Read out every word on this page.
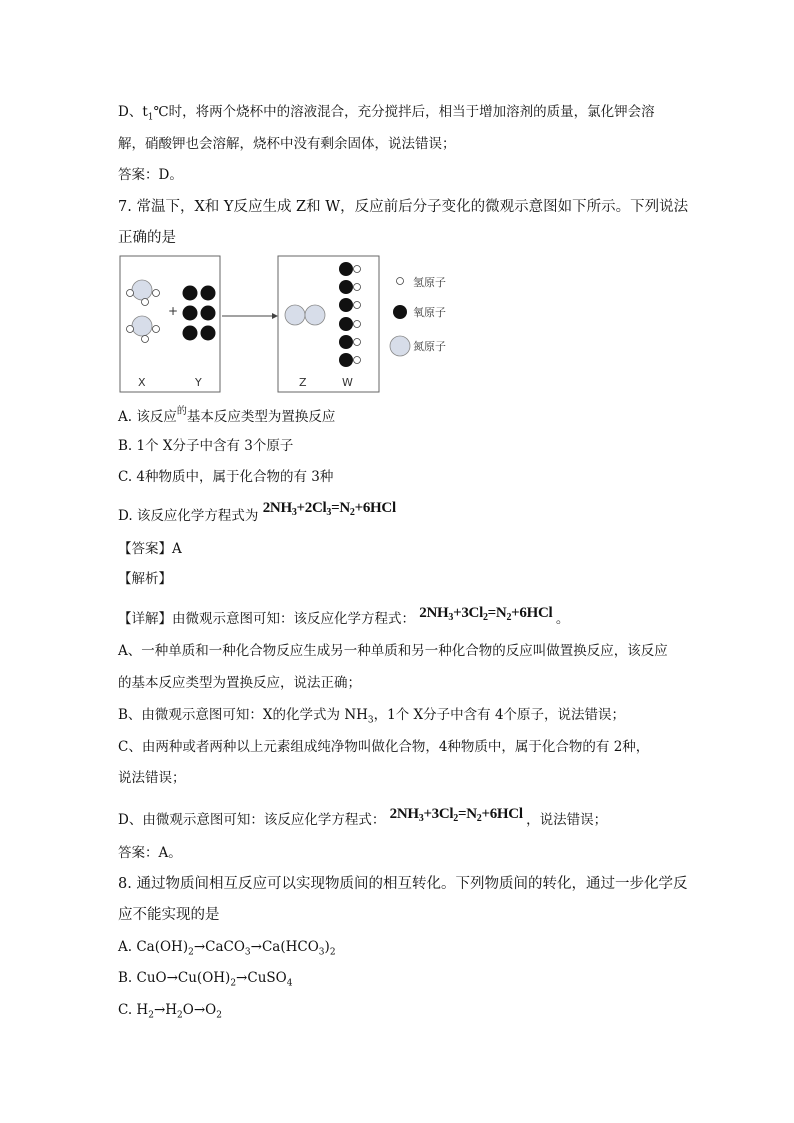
D、$t_1℃$时，将两个烧杯中的溶液混合，充分搅拌后，相当于增加溶剂的质量，氯化钾会溶
解，硝酸钾也会溶解，烧杯中没有剩余固体，说法错误；
答案：D。
7. 常温下，X和 Y反应生成 Z和 W，反应前后分子变化的微观示意图如下所示。下列说法
正确的是
+
X	Y	Z	W
氢原子
氧原子
氮原子
A. 该反应$^的$基本反应类型为置换反应
B. 1个 X分子中含有 3个原子
C. 4种物质中，属于化合物的有 3种
D. 该反应化学方程式为 $2NH_3+2Cl_3=N_2+6HCl$
【答案】A
【解析】
【详解】由微观示意图可知：该反应化学方程式： $2NH_3+3Cl_2=N_2+6HCl$ 。
A、一种单质和一种化合物反应生成另一种单质和另一种化合物的反应叫做置换反应，该反应
的基本反应类型为置换反应，说法正确；
B、由微观示意图可知：X的化学式为 $NH_3$，1个 X分子中含有 4个原子，说法错误；
C、由两种或者两种以上元素组成纯净物叫做化合物，4种物质中，属于化合物的有 2种，
说法错误；
D、由微观示意图可知：该反应化学方程式： $2NH_3+3Cl_2=N_2+6HCl$ ，说法错误；
答案：A。
8. 通过物质间相互反应可以实现物质间的相互转化。下列物质间的转化，通过一步化学反
应不能实现的是
A. $Ca(OH)_2\to CaCO_3\to Ca(HCO_3)_2$
B. $CuO\to Cu(OH)_2\to CuSO_4$
C. $H_2\to H_2O\to O_2$
